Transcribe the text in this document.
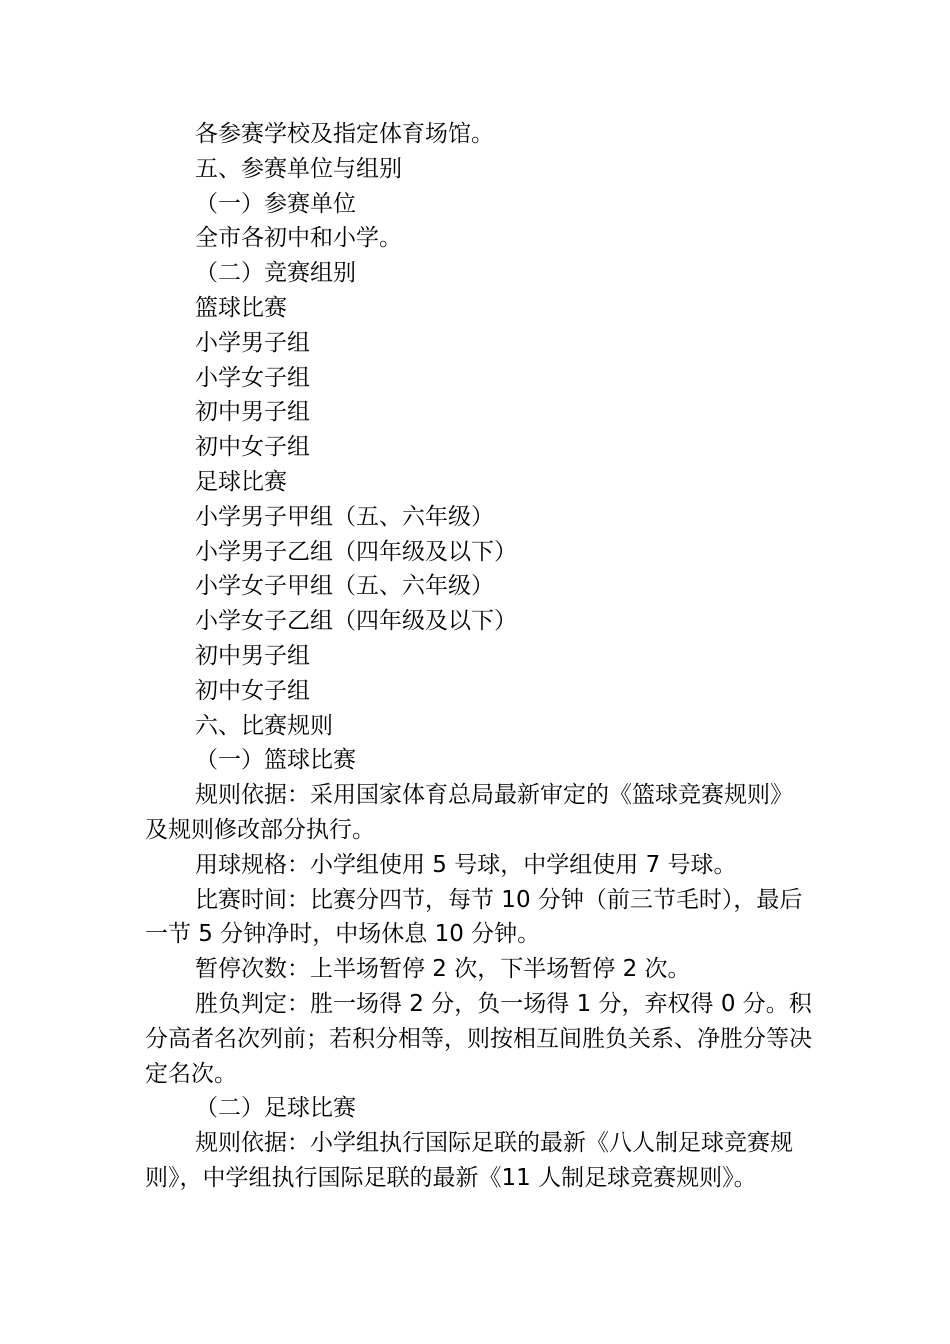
各参赛学校及指定体育场馆。

五、参赛单位与组别

（一）参赛单位

全市各初中和小学。

（二）竞赛组别

篮球比赛

小学男子组

小学女子组

初中男子组

初中女子组

足球比赛

小学男子甲组（五、六年级）

小学男子乙组（四年级及以下）

小学女子甲组（五、六年级）

小学女子乙组（四年级及以下）

初中男子组

初中女子组

六、比赛规则

（一）篮球比赛

规则依据：采用国家体育总局最新审定的《篮球竞赛规则》及规则修改部分执行。

用球规格：小学组使用 5 号球，中学组使用 7 号球。

比赛时间：比赛分四节，每节 10 分钟（前三节毛时），最后一节 5 分钟净时，中场休息 10 分钟。

暂停次数：上半场暂停 2 次，下半场暂停 2 次。

胜负判定：胜一场得 2 分，负一场得 1 分，弃权得 0 分。积分高者名次列前；若积分相等，则按相互间胜负关系、净胜分等决定名次。

（二）足球比赛

规则依据：小学组执行国际足联的最新《八人制足球竞赛规则》，中学组执行国际足联的最新《11 人制足球竞赛规则》。
